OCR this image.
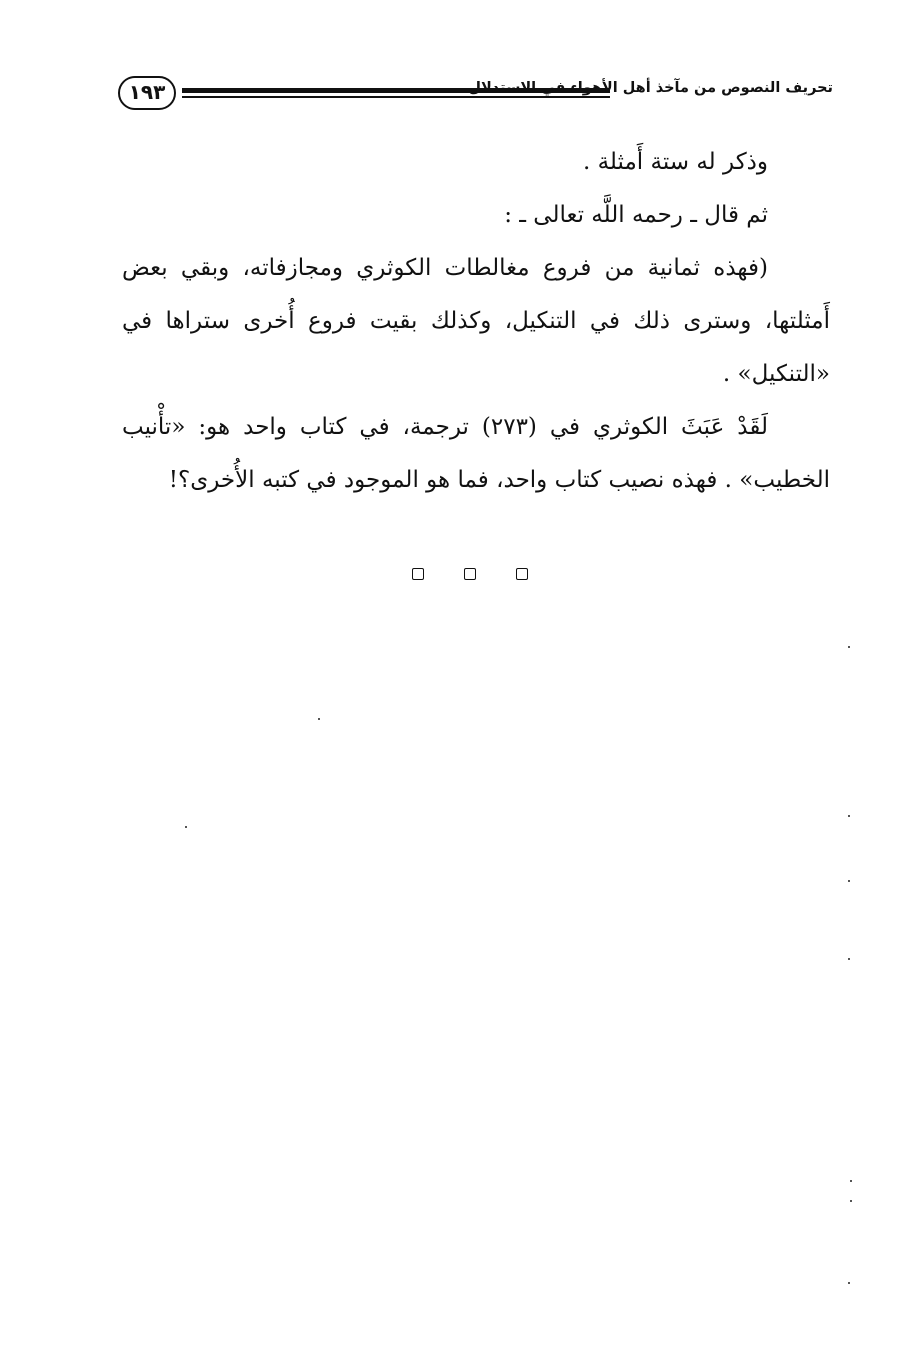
١٩٣	تحريف النصوص من مآخذ أهل الأهواء في الاستدلال
وذكر له ستة أَمثلة .
ثم قال ـ رحمه اللَّه تعالى ـ :
(فهذه ثمانية من فروع مغالطات الكوثري ومجازفاته، وبقي بعض
أَمثلتها، وسترى ذلك في التنكيل، وكذلك بقيت فروع أُخرى ستراها في
«التنكيل» .
لَقَدْ عَبَثَ الكوثري في (٢٧٣) ترجمة، في كتاب واحد هو: «تأْنيب
الخطيب» . فهذه نصيب كتاب واحد، فما هو الموجود في كتبه الأُخرى؟!
